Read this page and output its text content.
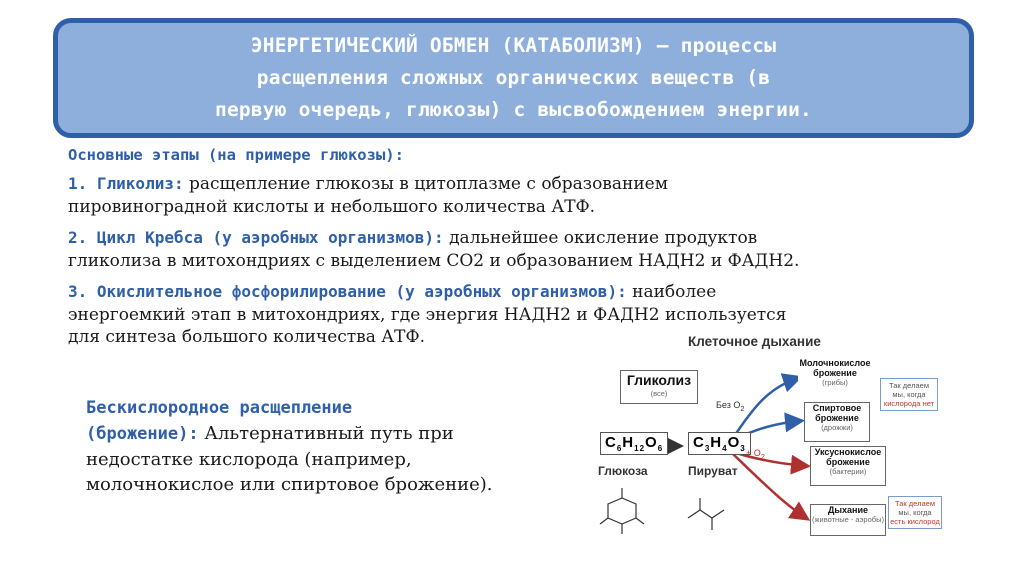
ЭНЕРГЕТИЧЕСКИЙ ОБМЕН (КАТАБОЛИЗМ) – процессы
расщепления сложных органических веществ (в
первую очередь, глюкозы) с высвобождением энергии.
Основные этапы (на примере глюкозы):
1. Гликолиз: расщепление глюкозы в цитоплазме с образованием
пировиноградной кислоты и небольшого количества АТФ.
2. Цикл Кребса (у аэробных организмов): дальнейшее окисление продуктов
гликолиза в митохондриях с выделением СО2 и образованием НАДН2 и ФАДН2.
3. Окислительное фосфорилирование (у аэробных организмов): наиболее
энергоемкий этап в митохондриях, где энергия НАДН2 и ФАДН2 используется
для синтеза большого количества АТФ.
Бескислородное расщепление
(брожение): Альтернативный путь при
недостатке кислорода (например,
молочнокислое или спиртовое брожение).
Клеточное дыхание
Гликолиз
(все)
$C_6H_{12}O_6$
Глюкоза
$C_3H_4O_3$
Пируват
Без $O_2$
+ $O_2$
Молочнокислое
брожение
(грибы)
Спиртовое
брожение
(дрожжи)
Уксуснокислое
брожение
(бактерии)
Дыхание
(животные - аэробы)
Так делаем
мы, когда
кислорода нет
Так делаем
мы, когда
есть кислород
